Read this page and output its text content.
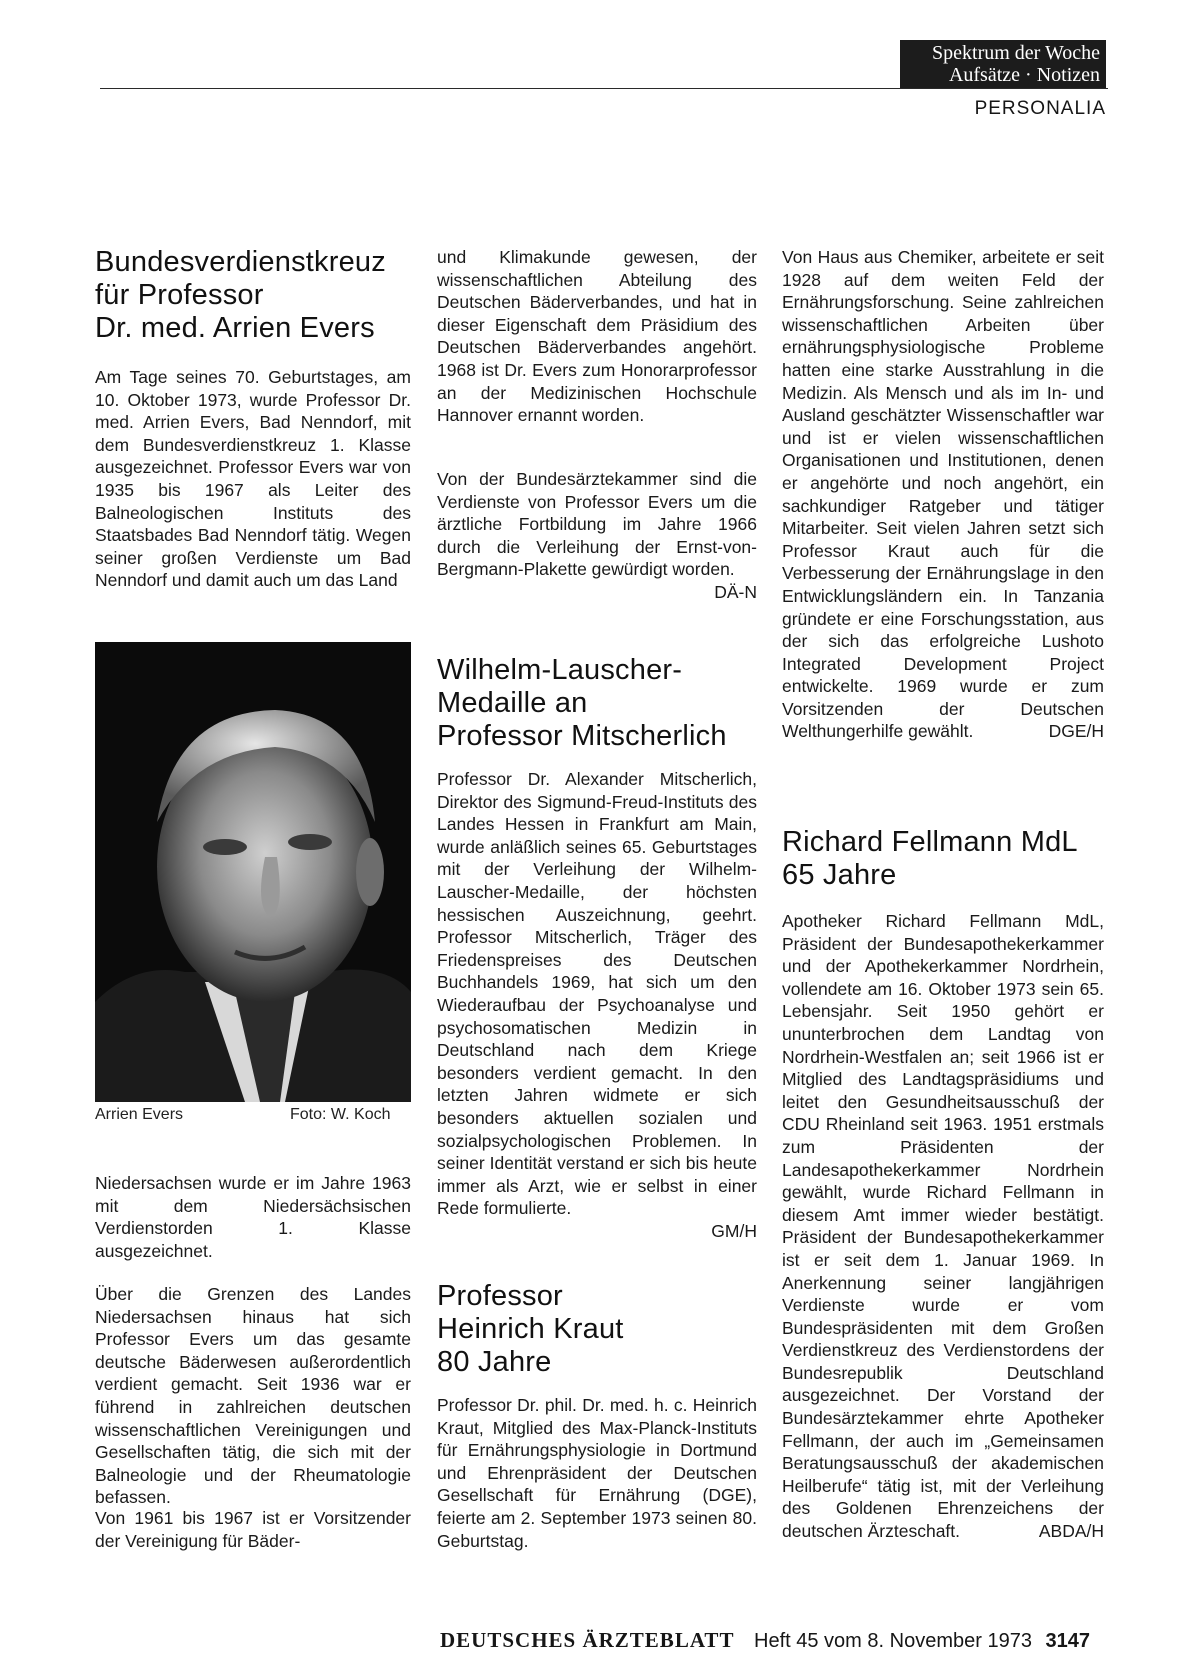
Spektrum der Woche
Aufsätze · Notizen
PERSONALIA
Bundesverdienstkreuz
für Professor
Dr. med. Arrien Evers

Am Tage seines 70. Geburtstages, am 10. Oktober 1973, wurde Professor Dr. med. Arrien Evers, Bad Nenndorf, mit dem Bundesverdienstkreuz 1. Klasse ausgezeichnet. Professor Evers war von 1935 bis 1967 als Leiter des Balneologischen Instituts des Staatsbades Bad Nenndorf tätig. Wegen seiner großen Verdienste um Bad Nenndorf und damit auch um das Land

Arrien Evers	Foto: W. Koch

Niedersachsen wurde er im Jahre 1963 mit dem Niedersächsischen Verdienstorden 1. Klasse ausgezeichnet.

Über die Grenzen des Landes Niedersachsen hinaus hat sich Professor Evers um das gesamte deutsche Bäderwesen außerordentlich verdient gemacht. Seit 1936 war er führend in zahlreichen deutschen wissenschaftlichen Vereinigungen und Gesellschaften tätig, die sich mit der Balneologie und der Rheumatologie befassen.

Von 1961 bis 1967 ist er Vorsitzender der Vereinigung für Bäder-

und Klimakunde gewesen, der wissenschaftlichen Abteilung des Deutschen Bäderverbandes, und hat in dieser Eigenschaft dem Präsidium des Deutschen Bäderverbandes angehört. 1968 ist Dr. Evers zum Honorarprofessor an der Medizinischen Hochschule Hannover ernannt worden.

Von der Bundesärztekammer sind die Verdienste von Professor Evers um die ärztliche Fortbildung im Jahre 1966 durch die Verleihung der Ernst-von-Bergmann-Plakette gewürdigt worden.
DÄ-N

Wilhelm-Lauscher-
Medaille an
Professor Mitscherlich

Professor Dr. Alexander Mitscherlich, Direktor des Sigmund-Freud-Instituts des Landes Hessen in Frankfurt am Main, wurde anläßlich seines 65. Geburtstages mit der Verleihung der Wilhelm-Lauscher-Medaille, der höchsten hessischen Auszeichnung, geehrt. Professor Mitscherlich, Träger des Friedenspreises des Deutschen Buchhandels 1969, hat sich um den Wiederaufbau der Psychoanalyse und psychosomatischen Medizin in Deutschland nach dem Kriege besonders verdient gemacht. In den letzten Jahren widmete er sich besonders aktuellen sozialen und sozialpsychologischen Problemen. In seiner Identität verstand er sich bis heute immer als Arzt, wie er selbst in einer Rede formulierte.
GM/H

Professor
Heinrich Kraut
80 Jahre

Professor Dr. phil. Dr. med. h. c. Heinrich Kraut, Mitglied des Max-Planck-Instituts für Ernährungsphysiologie in Dortmund und Ehrenpräsident der Deutschen Gesellschaft für Ernährung (DGE), feierte am 2. September 1973 seinen 80. Geburtstag.

Von Haus aus Chemiker, arbeitete er seit 1928 auf dem weiten Feld der Ernährungsforschung. Seine zahlreichen wissenschaftlichen Arbeiten über ernährungsphysiologische Probleme hatten eine starke Ausstrahlung in die Medizin. Als Mensch und als im In- und Ausland geschätzter Wissenschaftler war und ist er vielen wissenschaftlichen Organisationen und Institutionen, denen er angehörte und noch angehört, ein sachkundiger Ratgeber und tätiger Mitarbeiter. Seit vielen Jahren setzt sich Professor Kraut auch für die Verbesserung der Ernährungslage in den Entwicklungsländern ein. In Tanzania gründete er eine Forschungsstation, aus der sich das erfolgreiche Lushoto Integrated Development Project entwickelte. 1969 wurde er zum Vorsitzenden der Deutschen Welthungerhilfe gewählt.	DGE/H

Richard Fellmann MdL
65 Jahre

Apotheker Richard Fellmann MdL, Präsident der Bundesapothekerkammer und der Apothekerkammer Nordrhein, vollendete am 16. Oktober 1973 sein 65. Lebensjahr. Seit 1950 gehört er ununterbrochen dem Landtag von Nordrhein-Westfalen an; seit 1966 ist er Mitglied des Landtagspräsidiums und leitet den Gesundheitsausschuß der CDU Rheinland seit 1963. 1951 erstmals zum Präsidenten der Landesapothekerkammer Nordrhein gewählt, wurde Richard Fellmann in diesem Amt immer wieder bestätigt. Präsident der Bundesapothekerkammer ist er seit dem 1. Januar 1969. In Anerkennung seiner langjährigen Verdienste wurde er vom Bundespräsidenten mit dem Großen Verdienstkreuz des Verdienstordens der Bundesrepublik Deutschland ausgezeichnet. Der Vorstand der Bundesärztekammer ehrte Apotheker Fellmann, der auch im „Gemeinsamen Beratungsausschuß der akademischen Heilberufe“ tätig ist, mit der Verleihung des Goldenen Ehrenzeichens der deutschen Ärzteschaft.	ABDA/H

DEUTSCHES ÄRZTEBLATT Heft 45 vom 8. November 1973 3147
